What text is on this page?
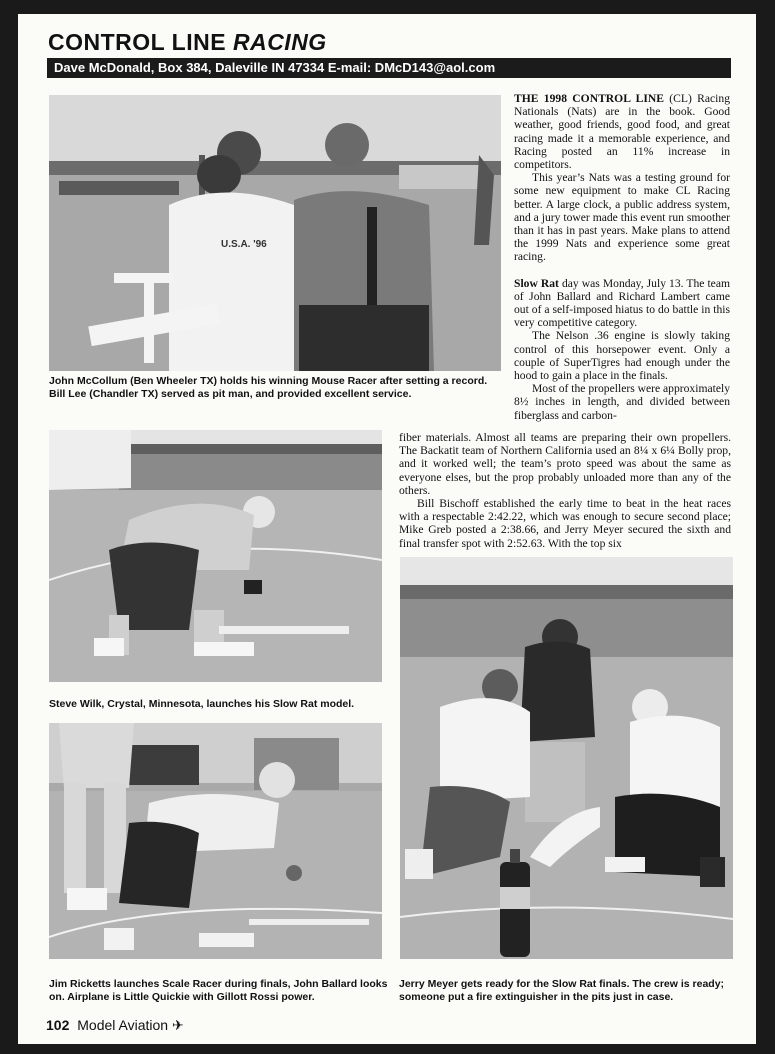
CONTROL LINE RACING
Dave McDonald, Box 384, Daleville IN 47334 E-mail: DMcD143@aol.com
U.S.A. '96
John McCollum (Ben Wheeler TX) holds his winning Mouse Racer after setting a record. Bill Lee (Chandler TX) served as pit man, and provided excellent service.
Steve Wilk, Crystal, Minnesota, launches his Slow Rat model.
Jim Ricketts launches Scale Racer during finals, John Ballard looks on. Airplane is Little Quickie with Gillott Rossi power.
Jerry Meyer gets ready for the Slow Rat finals. The crew is ready; someone put a fire extinguisher in the pits just in case.

THE 1998 CONTROL LINE (CL) Racing Nationals (Nats) are in the book. Good weather, good friends, good food, and great racing made it a memorable experience, and Racing posted an 11% increase in competitors.

This year’s Nats was a testing ground for some new equipment to make CL Racing better. A large clock, a public address system, and a jury tower made this event run smoother than it has in past years. Make plans to attend the 1999 Nats and experience some great racing.

Slow Rat day was Monday, July 13. The team of John Ballard and Richard Lambert came out of a self-imposed hiatus to do battle in this very competitive category.

The Nelson .36 engine is slowly taking control of this horsepower event. Only a couple of SuperTigres had enough under the hood to gain a place in the finals.

Most of the propellers were approximately 8½ inches in length, and divided between fiberglass and carbon-

fiber materials. Almost all teams are preparing their own propellers. The Backatit team of Northern California used an 8¼ x 6¼ Bolly prop, and it worked well; the team’s proto speed was about the same as everyone elses, but the prop probably unloaded more than any of the others.

Bill Bischoff established the early time to beat in the heat races with a respectable 2:42.22, which was enough to secure second place; Mike Greb posted a 2:38.66, and Jerry Meyer secured the sixth and final transfer spot with 2:52.63. With the top six

102 Model Aviation ✈
